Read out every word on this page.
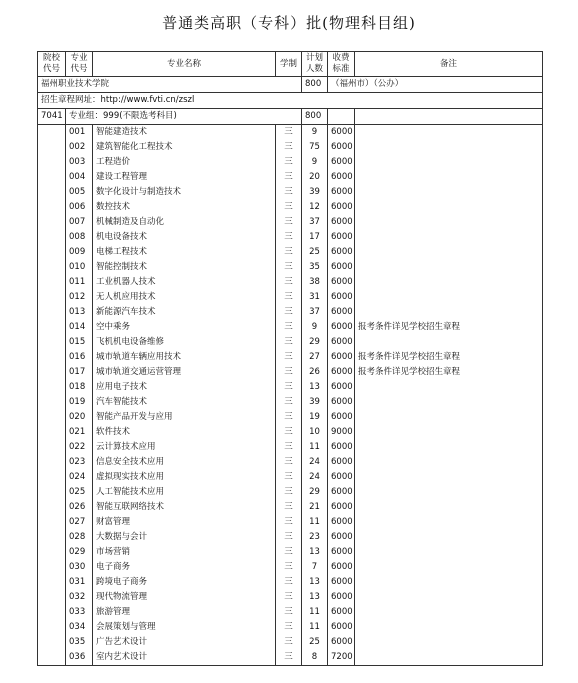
普通类高职（专科）批(物理科目组)
院校代号	专业代号	专业名称	学制	计划人数	收费标准	备注
福州职业技术学院				800	（福州市）（公办）	
招生章程网址：http://www.fvti.cn/zszl						
7041	专业组：999(不限选考科目)			800		
	001	智能建造技术	三	9	6000	
	002	建筑智能化工程技术	三	75	6000	
	003	工程造价	三	9	6000	
	004	建设工程管理	三	20	6000	
	005	数字化设计与制造技术	三	39	6000	
	006	数控技术	三	12	6000	
	007	机械制造及自动化	三	37	6000	
	008	机电设备技术	三	17	6000	
	009	电梯工程技术	三	25	6000	
	010	智能控制技术	三	35	6000	
	011	工业机器人技术	三	38	6000	
	012	无人机应用技术	三	31	6000	
	013	新能源汽车技术	三	37	6000	
	014	空中乘务	三	9	6000	报考条件详见学校招生章程
	015	飞机机电设备维修	三	29	6000	
	016	城市轨道车辆应用技术	三	27	6000	报考条件详见学校招生章程
	017	城市轨道交通运营管理	三	26	6000	报考条件详见学校招生章程
	018	应用电子技术	三	13	6000	
	019	汽车智能技术	三	39	6000	
	020	智能产品开发与应用	三	19	6000	
	021	软件技术	三	10	9000	
	022	云计算技术应用	三	11	6000	
	023	信息安全技术应用	三	24	6000	
	024	虚拟现实技术应用	三	24	6000	
	025	人工智能技术应用	三	29	6000	
	026	智能互联网络技术	三	21	6000	
	027	财富管理	三	11	6000	
	028	大数据与会计	三	23	6000	
	029	市场营销	三	13	6000	
	030	电子商务	三	7	6000	
	031	跨境电子商务	三	13	6000	
	032	现代物流管理	三	13	6000	
	033	旅游管理	三	11	6000	
	034	会展策划与管理	三	11	6000	
	035	广告艺术设计	三	25	6000	
	036	室内艺术设计	三	8	7200	
